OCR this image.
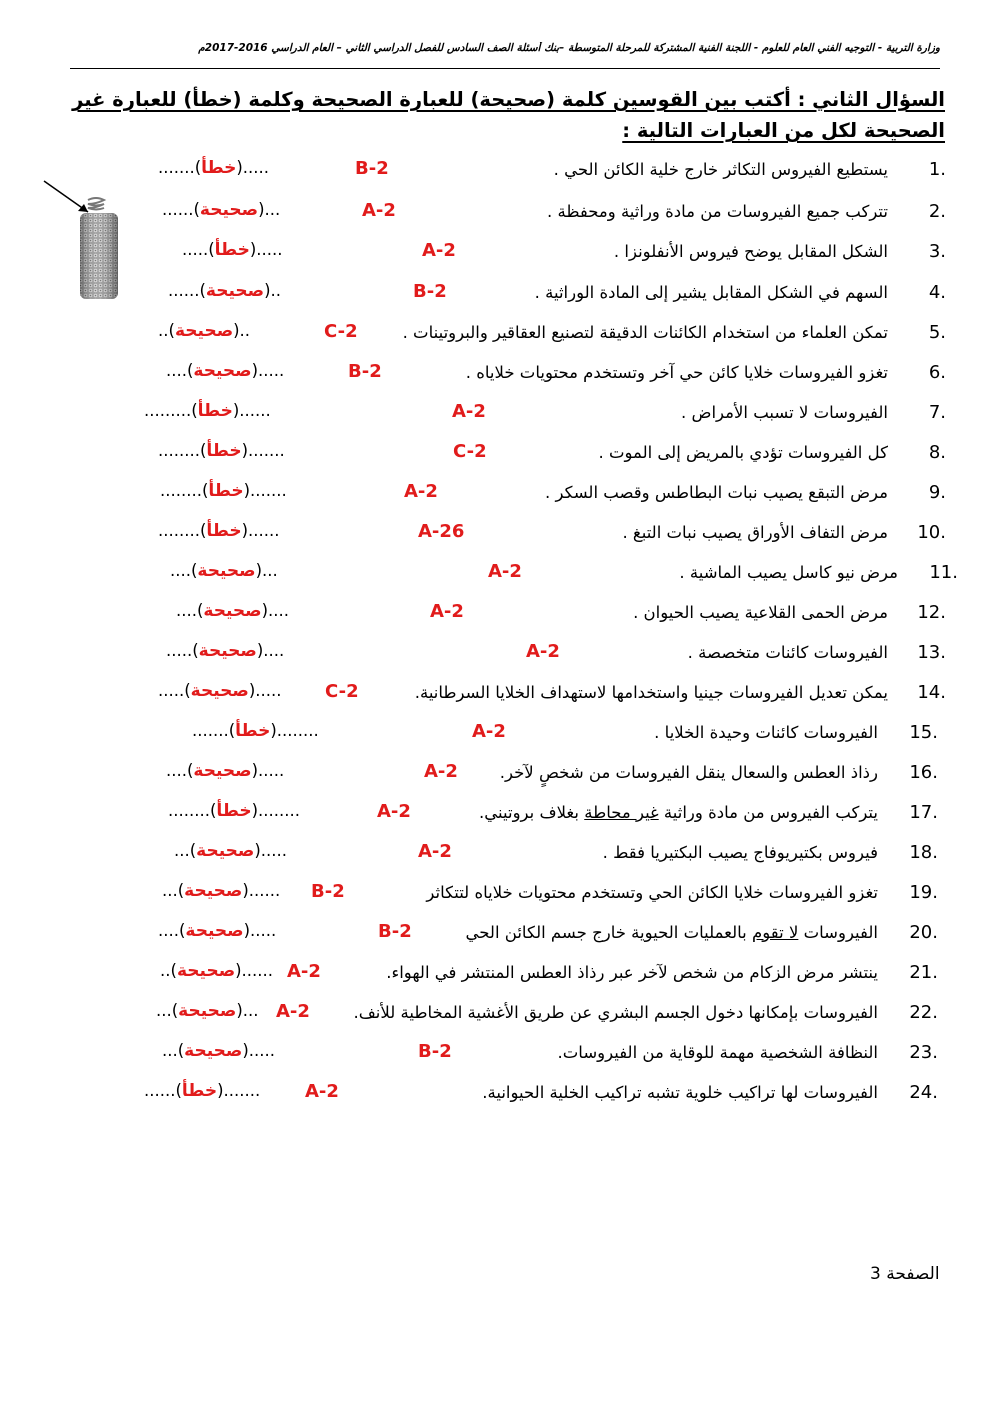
وزارة التربية - التوجيه الفني العام للعلوم - اللجنة الفنية المشتركة للمرحلة المتوسطة –بنك أسئلة الصف السادس للفصل الدراسي الثاني – العام الدراسي 2016-2017م
السؤال الثاني : أكتب بين القوسين كلمة (صحيحة) للعبارة الصحيحة وكلمة (خطأ) للعبارة غير الصحيحة لكل من العبارات التالية :
1.
يستطيع الفيروس التكاثر خارج خلية الكائن الحي .
B-2
.......(خطأ).....
2.
تتركب جميع الفيروسات من مادة وراثية ومحفظة .
A-2
......(صحيحة)...
3.
الشكل المقابل يوضح فيروس الأنفلونزا .
A-2
.....(خطأ).....
4.
السهم في الشكل المقابل يشير إلى المادة الوراثية .
B-2
......(صحيحة)..
5.
تمكن العلماء من استخدام الكائنات الدقيقة لتصنيع العقاقير والبروتينات .
C-2
..(صحيحة)..
6.
تغزو الفيروسات خلايا كائن حي آخر وتستخدم محتويات خلاياه .
B-2
....(صحيحة).....
7.
الفيروسات لا تسبب الأمراض .
A-2
.........(خطأ)......
8.
كل الفيروسات تؤدي بالمريض إلى الموت .
C-2
........(خطأ).......
9.
مرض التبقع يصيب نبات البطاطس وقصب السكر .
A-2
........(خطأ).......
10.
مرض التفاف الأوراق يصيب نبات التبغ .
A-26
........(خطأ)......
11.
مرض نيو كاسل يصيب الماشية .
A-2
....(صحيحة)...
12.
مرض الحمى القلاعية يصيب الحيوان .
A-2
....(صحيحة)....
13.
الفيروسات كائنات متخصصة .
A-2
.....(صحيحة)....
14.
يمكن تعديل الفيروسات جينيا واستخدامها لاستهداف الخلايا السرطانية.
C-2
.....(صحيحة).....
15.
الفيروسات كائنات وحيدة الخلايا .
A-2
.......(خطأ)........
16.
رذاذ العطس والسعال ينقل الفيروسات من شخصٍ لآخر.
A-2
....(صحيحة).....
17.
يتركب الفيروس من مادة وراثية غير محاطة بغلاف بروتيني.
A-2
........(خطأ)........
18.
فيروس بكتيريوفاج يصيب البكتيريا فقط .
A-2
...(صحيحة).....
19.
تغزو الفيروسات خلايا الكائن الحي وتستخدم محتويات خلاياه لتتكاثر
B-2
...(صحيحة)......
20.
الفيروسات لا تقوم بالعمليات الحيوية خارج جسم الكائن الحي
B-2
....(صحيحة).....
21.
ينتشر مرض الزكام من شخص لآخر عبر رذاذ العطس المنتشر في الهواء.
A-2
..(صحيحة)......
22.
الفيروسات بإمكانها دخول الجسم البشري عن طريق الأغشية المخاطية للأنف.
A-2
...(صحيحة)...
23.
النظافة الشخصية مهمة للوقاية من الفيروسات.
B-2
...(صحيحة).....
24.
الفيروسات لها تراكيب خلوية تشبه تراكيب الخلية الحيوانية.
A-2
......(خطأ).......
الصفحة 3
